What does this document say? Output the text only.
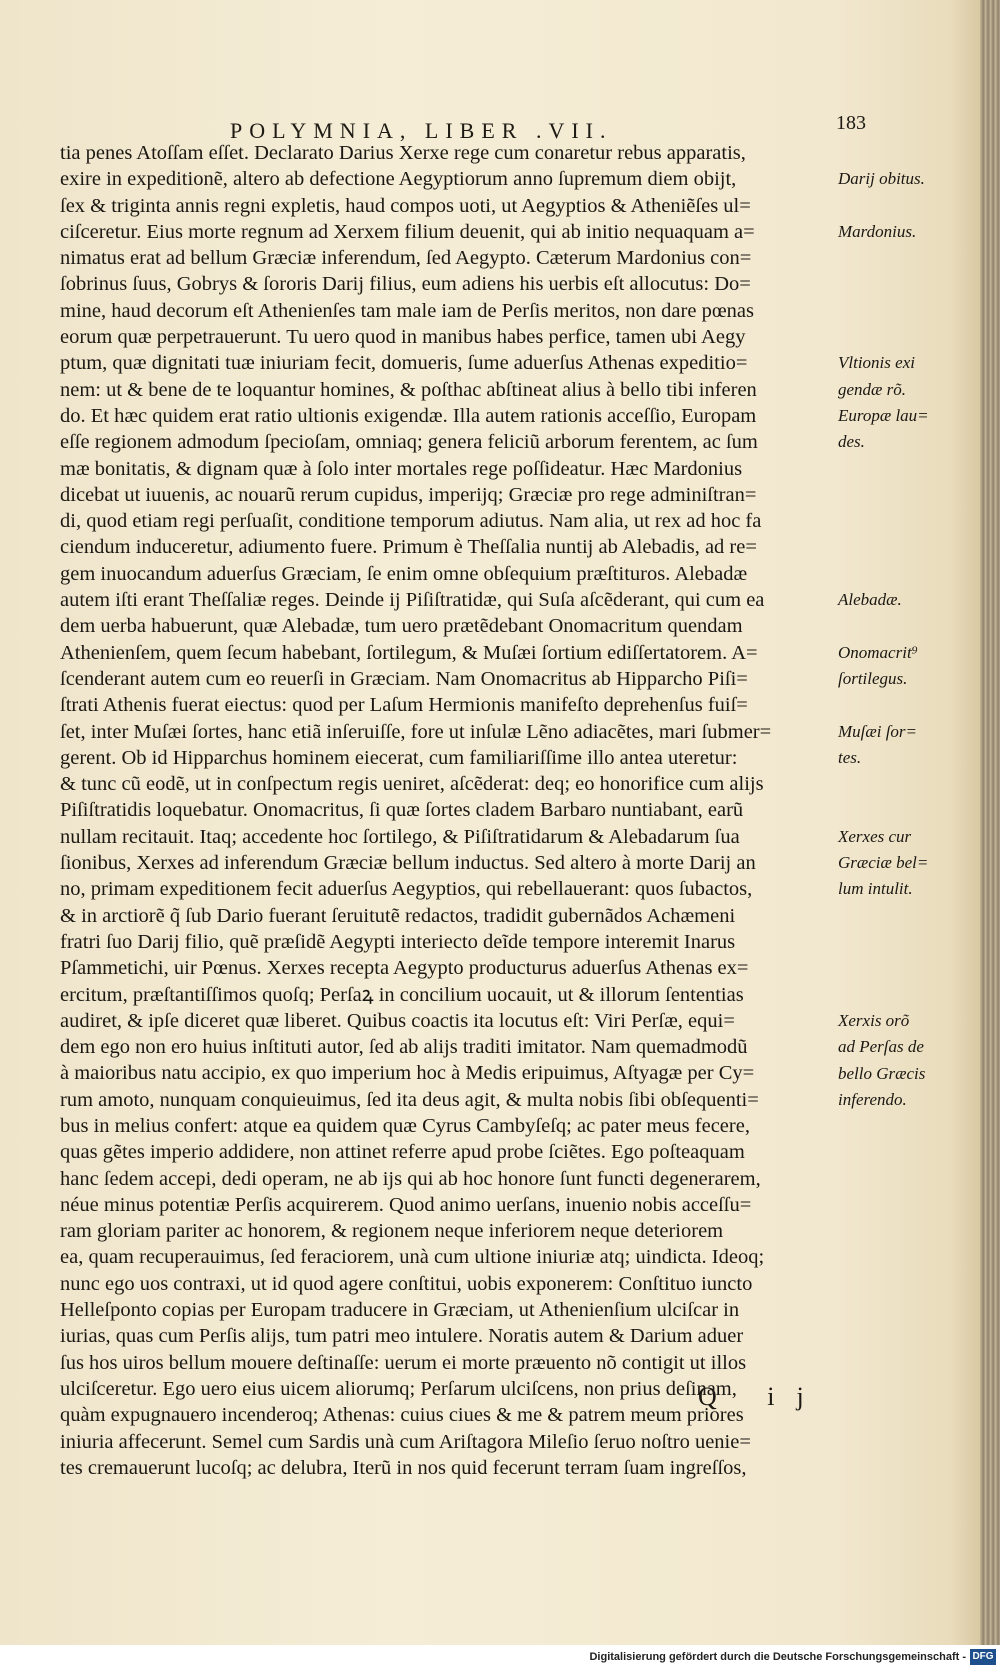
POLYMNIA, LIBER .VII.	183
tia penes Atoſſam eſſet. Declarato Darius Xerxe rege cum conaretur rebus apparatis,
exire in expeditionẽ, altero ab defectione Aegyptiorum anno ſupremum diem obijt,
ſex & triginta annis regni expletis, haud compos uoti, ut Aegyptios & Atheniẽſes ul=
ciſceretur. Eius morte regnum ad Xerxem filium deuenit, qui ab initio nequaquam a=
nimatus erat ad bellum Græciæ inferendum, ſed Aegypto. Cæterum Mardonius con=
ſobrinus ſuus, Gobrys & ſororis Darij filius, eum adiens his uerbis eſt allocutus: Do=
mine, haud decorum eſt Athenienſes tam male iam de Perſis meritos, non dare pœnas
eorum quæ perpetrauerunt. Tu uero quod in manibus habes perfice, tamen ubi Aegy
ptum, quæ dignitati tuæ iniuriam fecit, domueris, ſume aduerſus Athenas expeditio=
nem: ut & bene de te loquantur homines, & poſthac abſtineat alius à bello tibi inferen
do. Et hæc quidem erat ratio ultionis exigendæ. Illa autem rationis acceſſio, Europam
eſſe regionem admodum ſpecioſam, omniaq; genera feliciũ arborum ferentem, ac ſum
mæ bonitatis, & dignam quæ à ſolo inter mortales rege poſſideatur. Hæc Mardonius
dicebat ut iuuenis, ac nouarũ rerum cupidus, imperijq; Græciæ pro rege adminiſtran=
di, quod etiam regi perſuaſit, conditione temporum adiutus. Nam alia, ut rex ad hoc fa
ciendum induceretur, adiumento fuere. Primum è Theſſalia nuntij ab Alebadis, ad re=
gem inuocandum aduerſus Græciam, ſe enim omne obſequium præſtituros. Alebadæ
autem iſti erant Theſſaliæ reges. Deinde ij Piſiſtratidæ, qui Suſa aſcẽderant, qui cum ea
dem uerba habuerunt, quæ Alebadæ, tum uero prætẽdebant Onomacritum quendam
Athenienſem, quem ſecum habebant, ſortilegum, & Muſæi ſortium ediſſertatorem. A=
ſcenderant autem cum eo reuerſi in Græciam. Nam Onomacritus ab Hipparcho Piſi=
ſtrati Athenis fuerat eiectus: quod per Laſum Hermionis manifeſto deprehenſus fuiſ=
ſet, inter Muſæi ſortes, hanc etiã inſeruiſſe, fore ut inſulæ Lẽno adiacẽtes, mari ſubmer=
gerent. Ob id Hipparchus hominem eiecerat, cum familiariſſime illo antea uteretur:
& tunc cũ eodẽ, ut in conſpectum regis ueniret, aſcẽderat: deq; eo honorifice cum alijs
Piſiſtratidis loquebatur. Onomacritus, ſi quæ ſortes cladem Barbaro nuntiabant, earũ
nullam recitauit. Itaq; accedente hoc ſortilego, & Piſiſtratidarum & Alebadarum ſua
ſionibus, Xerxes ad inferendum Græciæ bellum inductus. Sed altero à morte Darij an
no, primam expeditionem fecit aduerſus Aegyptios, qui rebellauerant: quos ſubactos,
& in arctiorẽ q̃ ſub Dario fuerant ſeruitutẽ redactos, tradidit gubernãdos Achæmeni
fratri ſuo Darij filio, quẽ præſidẽ Aegypti interiecto deĩde tempore interemit Inarus
Pſammetichi, uir Pœnus. Xerxes recepta Aegypto producturus aduerſus Athenas ex=
ercitum, præſtantiſſimos quoſq; Perſaꝝ in concilium uocauit, ut & illorum ſententias
audiret, & ipſe diceret quæ liberet. Quibus coactis ita locutus eſt: Viri Perſæ, equi=
dem ego non ero huius inſtituti autor, ſed ab alijs traditi imitator. Nam quemadmodũ
à maioribus natu accipio, ex quo imperium hoc à Medis eripuimus, Aſtyagæ per Cy=
rum amoto, nunquam conquieuimus, ſed ita deus agit, & multa nobis ſibi obſequenti=
bus in melius confert: atque ea quidem quæ Cyrus Cambyſeſq; ac pater meus fecere,
quas gẽtes imperio addidere, non attinet referre apud probe ſciẽtes. Ego poſteaquam
hanc ſedem accepi, dedi operam, ne ab ijs qui ab hoc honore ſunt functi degenerarem,
néue minus potentiæ Perſis acquirerem. Quod animo uerſans, inuenio nobis acceſſu=
ram gloriam pariter ac honorem, & regionem neque inferiorem neque deteriorem
ea, quam recuperauimus, ſed feraciorem, unà cum ultione iniuriæ atq; uindicta. Ideoq;
nunc ego uos contraxi, ut id quod agere conſtitui, uobis exponerem: Conſtituo iuncto
Helleſponto copias per Europam traducere in Græciam, ut Athenienſium ulciſcar in
iurias, quas cum Perſis alijs, tum patri meo intulere. Noratis autem & Darium aduer
ſus hos uiros bellum mouere deſtinaſſe: uerum ei morte præuento nõ contigit ut illos
ulciſceretur. Ego uero eius uicem aliorumq; Perſarum ulciſcens, non prius deſinam,
quàm expugnauero incenderoq; Athenas: cuius ciues & me & patrem meum priores
iniuria affecerunt. Semel cum Sardis unà cum Ariſtagora Mileſio ſeruo noſtro uenie=
tes cremauerunt lucoſq; ac delubra, Iterũ in nos quid fecerunt terram ſuam ingreſſos,
Darij obitus.
Mardonius.
Vltionis exi
gendæ rõ.
Europæ lau=
des.
Alebadæ.
Onomacrit⁹
ſortilegus.
Muſæi ſor=
tes.
Xerxes cur
Græciæ bel=
lum intulit.
Xerxis orõ
ad Perſas de
bello Græcis
inferendo.
Q ij
Digitalisierung gefördert durch die Deutsche Forschungsgemeinschaft - DFG
